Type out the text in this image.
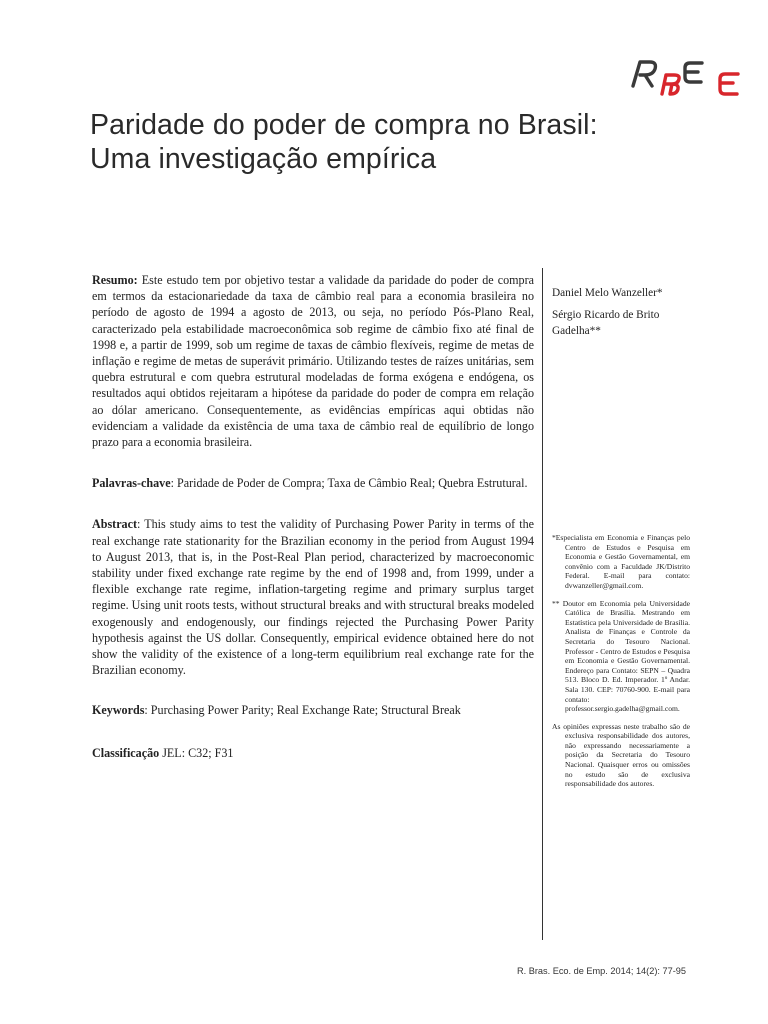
Paridade do poder de compra no Brasil:
Uma investigação empírica

Resumo: Este estudo tem por objetivo testar a validade da paridade do poder de compra em termos da estacionariedade da taxa de câmbio real para a economia brasileira no período de agosto de 1994 a agosto de 2013, ou seja, no período Pós-Plano Real, caracterizado pela estabilidade macroeconômica sob regime de câmbio fixo até final de 1998 e, a partir de 1999, sob um regime de taxas de câmbio flexíveis, regime de metas de inflação e regime de metas de superávit primário. Utilizando testes de raízes unitárias, sem quebra estrutural e com quebra estrutural modeladas de forma exógena e endógena, os resultados aqui obtidos rejeitaram a hipótese da paridade do poder de compra em relação ao dólar americano. Consequentemente, as evidências empíricas aqui obtidas não evidenciam a validade da existência de uma taxa de câmbio real de equilíbrio de longo prazo para a economia brasileira.

Palavras-chave: Paridade de Poder de Compra; Taxa de Câmbio Real; Quebra Estrutural.

Abstract: This study aims to test the validity of Purchasing Power Parity in terms of the real exchange rate stationarity for the Brazilian economy in the period from August 1994 to August 2013, that is, in the Post-Real Plan period, characterized by macroeconomic stability under fixed exchange rate regime by the end of 1998 and, from 1999, under a flexible exchange rate regime, inflation-targeting regime and primary surplus target regime. Using unit roots tests, without structural breaks and with structural breaks modeled exogenously and endogenously, our findings rejected the Purchasing Power Parity hypothesis against the US dollar. Consequently, empirical evidence obtained here do not show the validity of the existence of a long-term equilibrium real exchange rate for the Brazilian economy.

Keywords: Purchasing Power Parity; Real Exchange Rate; Structural Break

Classificação JEL: C32; F31

Daniel Melo Wanzeller*
Sérgio Ricardo de Brito
Gadelha**

*Especialista em Economia e Finanças pelo Centro de Estudos e Pesquisa em Economia e Gestão Governamental, em convênio com a Faculdade JK/Distrito Federal. E-mail para contato: dvwanzeller@gmail.com.

** Doutor em Economia pela Universidade Católica de Brasília. Mestrando em Estatística pela Universidade de Brasília. Analista de Finanças e Controle da Secretaria do Tesouro Nacional. Professor - Centro de Estudos e Pesquisa em Economia e Gestão Governamental. Endereço para Contato: SEPN – Quadra 513. Bloco D. Ed. Imperador. 1º Andar. Sala 130. CEP: 70760-900. E-mail para contato: professor.sergio.gadelha@gmail.com.

As opiniões expressas neste trabalho são de exclusiva responsabilidade dos autores, não expressando necessariamente a posição da Secretaria do Tesouro Nacional. Quaisquer erros ou omissões no estudo são de exclusiva responsabilidade dos autores.

R. Bras. Eco. de Emp. 2014; 14(2): 77-95
